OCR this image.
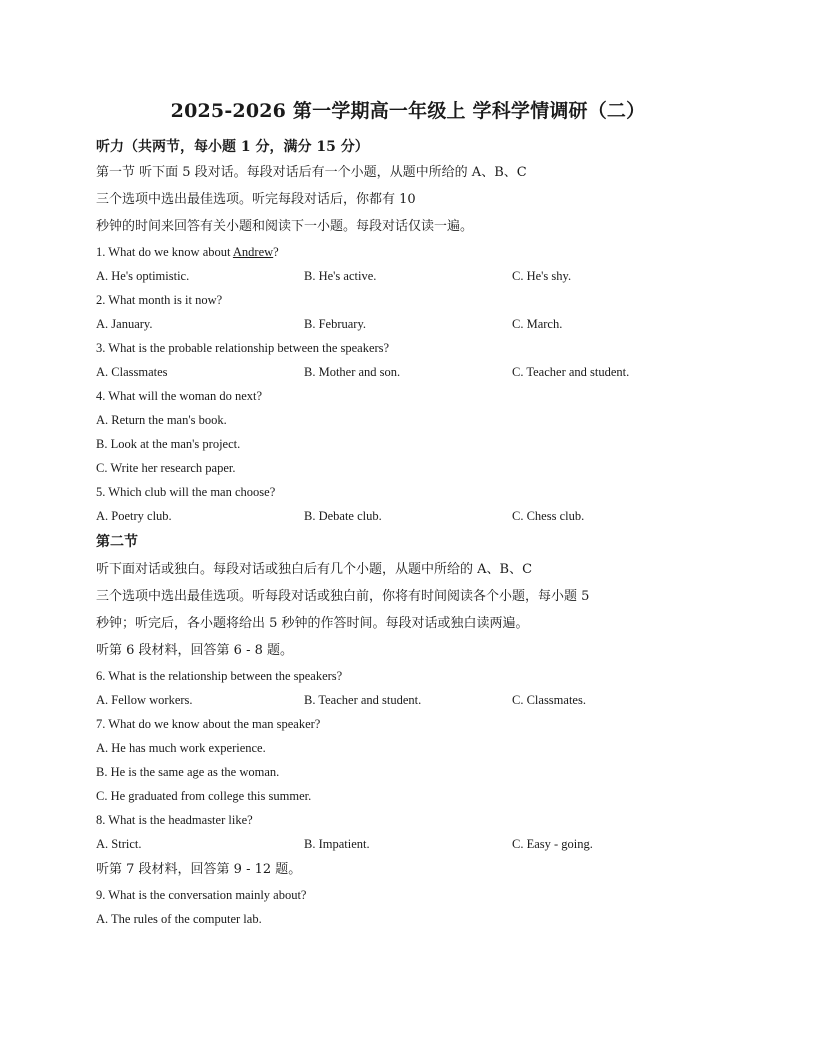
2025-2026 第一学期高一年级上 学科学情调研（二）
听力（共两节，每小题 1 分，满分 15 分）
第一节 听下面 5 段对话。每段对话后有一个小题，从题中所给的 A、B、C
三个选项中选出最佳选项。听完每段对话后，你都有 10
秒钟的时间来回答有关小题和阅读下一小题。每段对话仅读一遍。
1. What do we know about Andrew?
A. He's optimistic.	B. He's active.	C. He's shy.
2. What month is it now?
A. January.	B. February.	C. March.
3. What is the probable relationship between the speakers?
A. Classmates	B. Mother and son.	C. Teacher and student.
4. What will the woman do next?
A. Return the man's book.
B. Look at the man's project.
C. Write her research paper.
5. Which club will the man choose?
A. Poetry club.	B. Debate club.	C. Chess club.
第二节
听下面对话或独白。每段对话或独白后有几个小题，从题中所给的 A、B、C
三个选项中选出最佳选项。听每段对话或独白前，你将有时间阅读各个小题，每小题 5
秒钟；听完后，各小题将给出 5 秒钟的作答时间。每段对话或独白读两遍。
听第 6 段材料，回答第 6 - 8 题。
6. What is the relationship between the speakers?
A. Fellow workers.	B. Teacher and student.	C. Classmates.
7. What do we know about the man speaker?
A. He has much work experience.
B. He is the same age as the woman.
C. He graduated from college this summer.
8. What is the headmaster like?
A. Strict.	B. Impatient.	C. Easy - going.
听第 7 段材料，回答第 9 - 12 题。
9. What is the conversation mainly about?
A. The rules of the computer lab.
